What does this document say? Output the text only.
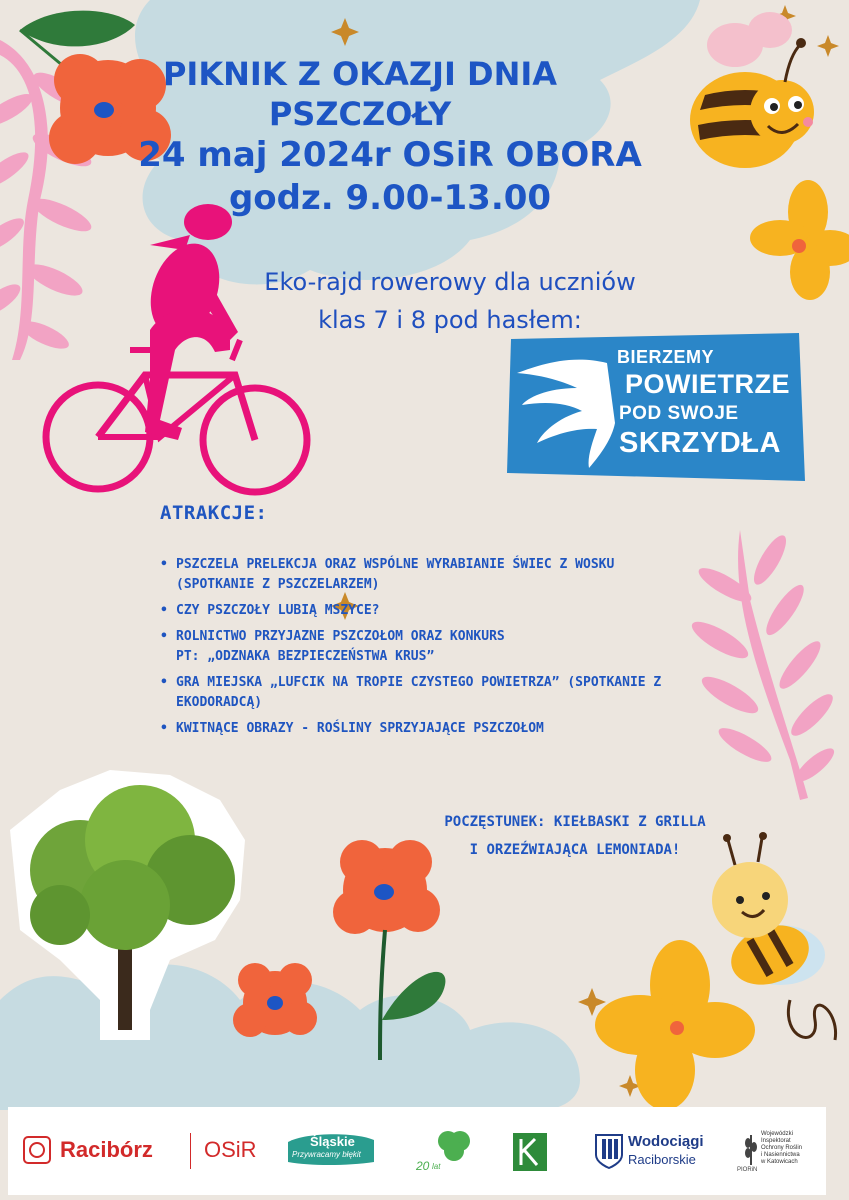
PIKNIK Z OKAZJI DNIA
PSZCZOŁY
24 maj 2024r OSiR OBORA
godz. 9.00-13.00
Eko-rajd rowerowy dla uczniów
klas 7 i 8 pod hasłem:
BIERZEMY
POWIETRZE
POD SWOJE
SKRZYDŁA
ATRAKCJE:
• PSZCZELA PRELEKCJA ORAZ WSPÓLNE WYRABIANIE ŚWIEC Z WOSKU
(SPOTKANIE Z PSZCZELARZEM)
• CZY PSZCZOŁY LUBIĄ MSZYCE?
• ROLNICTWO PRZYJAZNE PSZCZOŁOM ORAZ KONKURS
PT: „ODZNAKA BEZPIECZEŃSTWA KRUS”
• GRA MIEJSKA „LUFCIK NA TROPIE CZYSTEGO POWIETRZA” (SPOTKANIE Z
EKODORADCĄ)
• KWITNĄCE OBRAZY - ROŚLINY SPRZYJAJĄCE PSZCZOŁOM
POCZĘSTUNEK: KIEŁBASKI Z GRILLA
I ORZEŹWIAJĄCA LEMONIADA!
Racibórz OSiR	Śląskie
Przywracamy błękit
20 lat
Wodociągi
Raciborskie
PIORiN
Wojewódzki
Inspektorat
Ochrony Roślin
i Nasiennictwa
w Katowicach
